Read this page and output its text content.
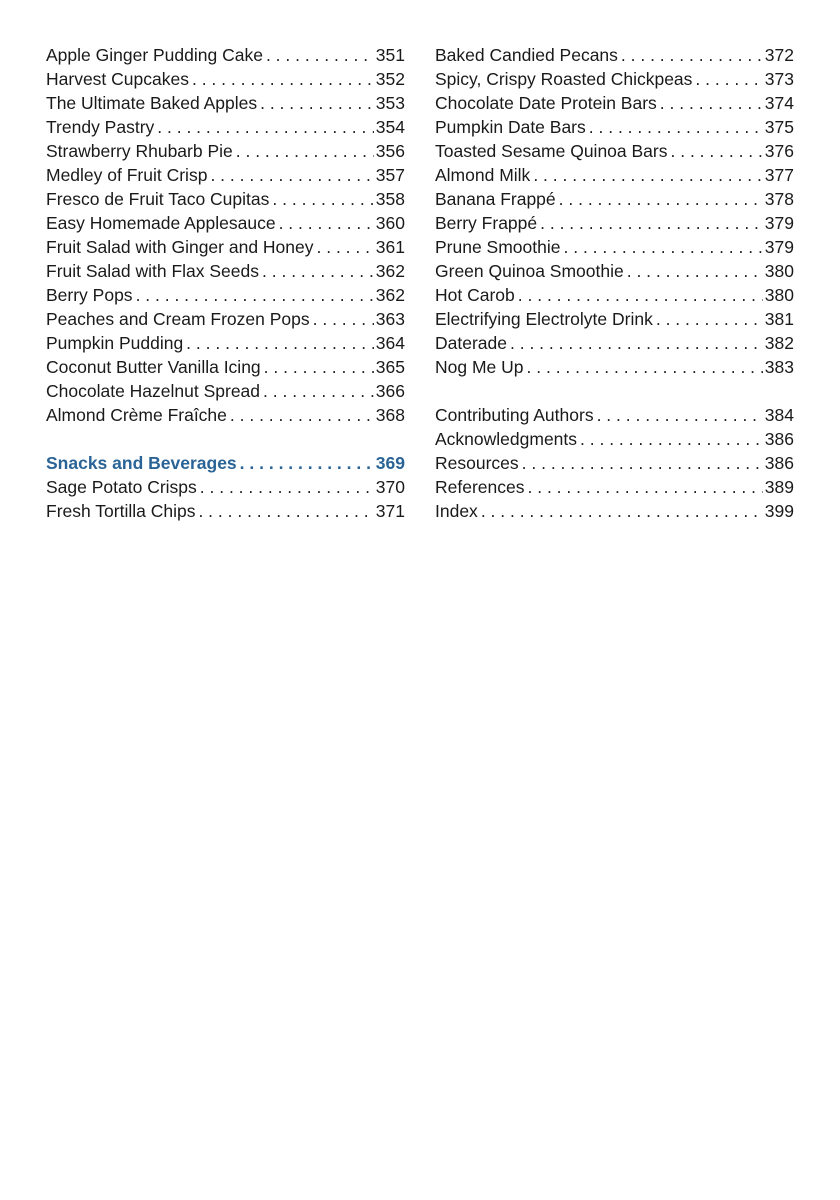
Apple Ginger Pudding Cake . . .	351
Harvest Cupcakes . . .	352
The Ultimate Baked Apples . . .	353
Trendy Pastry . . .	354
Strawberry Rhubarb Pie . . .	356
Medley of Fruit Crisp . . .	357
Fresco de Fruit Taco Cupitas . . .	358
Easy Homemade Applesauce . . .	360
Fruit Salad with Ginger and Honey . . .	361
Fruit Salad with Flax Seeds . . .	362
Berry Pops . . .	362
Peaches and Cream Frozen Pops . . .	363
Pumpkin Pudding . . .	364
Coconut Butter Vanilla Icing . . .	365
Chocolate Hazelnut Spread . . .	366
Almond Crème Fraîche . . .	368
Snacks and Beverages . . .	369
Sage Potato Crisps . . .	370
Fresh Tortilla Chips . . .	371
Baked Candied Pecans . . .	372
Spicy, Crispy Roasted Chickpeas . . .	373
Chocolate Date Protein Bars . . .	374
Pumpkin Date Bars . . .	375
Toasted Sesame Quinoa Bars . . .	376
Almond Milk . . .	377
Banana Frappé . . .	378
Berry Frappé . . .	379
Prune Smoothie . . .	379
Green Quinoa Smoothie . . .	380
Hot Carob . . .	380
Electrifying Electrolyte Drink . . .	381
Daterade . . .	382
Nog Me Up . . .	383
Contributing Authors . . .	384
Acknowledgments . . .	386
Resources . . .	386
References . . .	389
Index . . .	399
